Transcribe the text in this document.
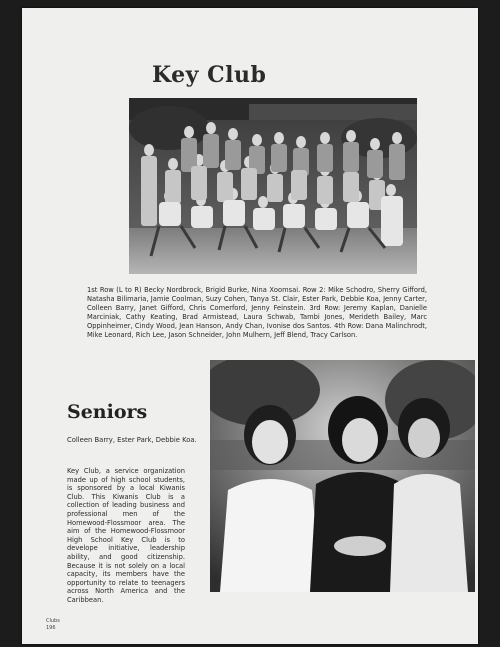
Key Club
1st Row (L to R) Becky Nordbrock, Brigid Burke, Nina Xoomsai. Row 2: Mike Schodro, Sherry Gifford, Natasha Bilimaria, Jamie Coolman, Suzy Cohen, Tanya St. Clair, Ester Park, Debbie Koa, Jenny Carter, Colleen Barry, Janet Gifford, Chris Comerford, Jenny Feinstein. 3rd Row: Jeremy Kaplan, Danielle Marciniak, Cathy Keating, Brad Armistead, Laura Schwab, Tambi Jones, Merideth Bailey, Marc Oppinheimer, Cindy Wood, Jean Hanson, Andy Chan, Ivonise dos Santos. 4th Row: Dana Malinchrodt, Mike Leonard, Rich Lee, Jason Schneider, John Mulhern, Jeff Blend, Tracy Carlson.
Seniors
Colleen Barry, Ester Park, Debbie Koa.
Key Club, a service organization made up of high school students, is sponsored by a local Kiwanis Club. This Kiwanis Club is a collection of leading business and professional men of the Homewood-Flossmoor area. The aim of the Homewood-Flossmoor High School Key Club is to develope initiative, leadership ability, and good citizenship. Because it is not solely on a local capacity, its members have the opportunity to relate to teenagers across North America and the Caribbean.
Clubs
196
